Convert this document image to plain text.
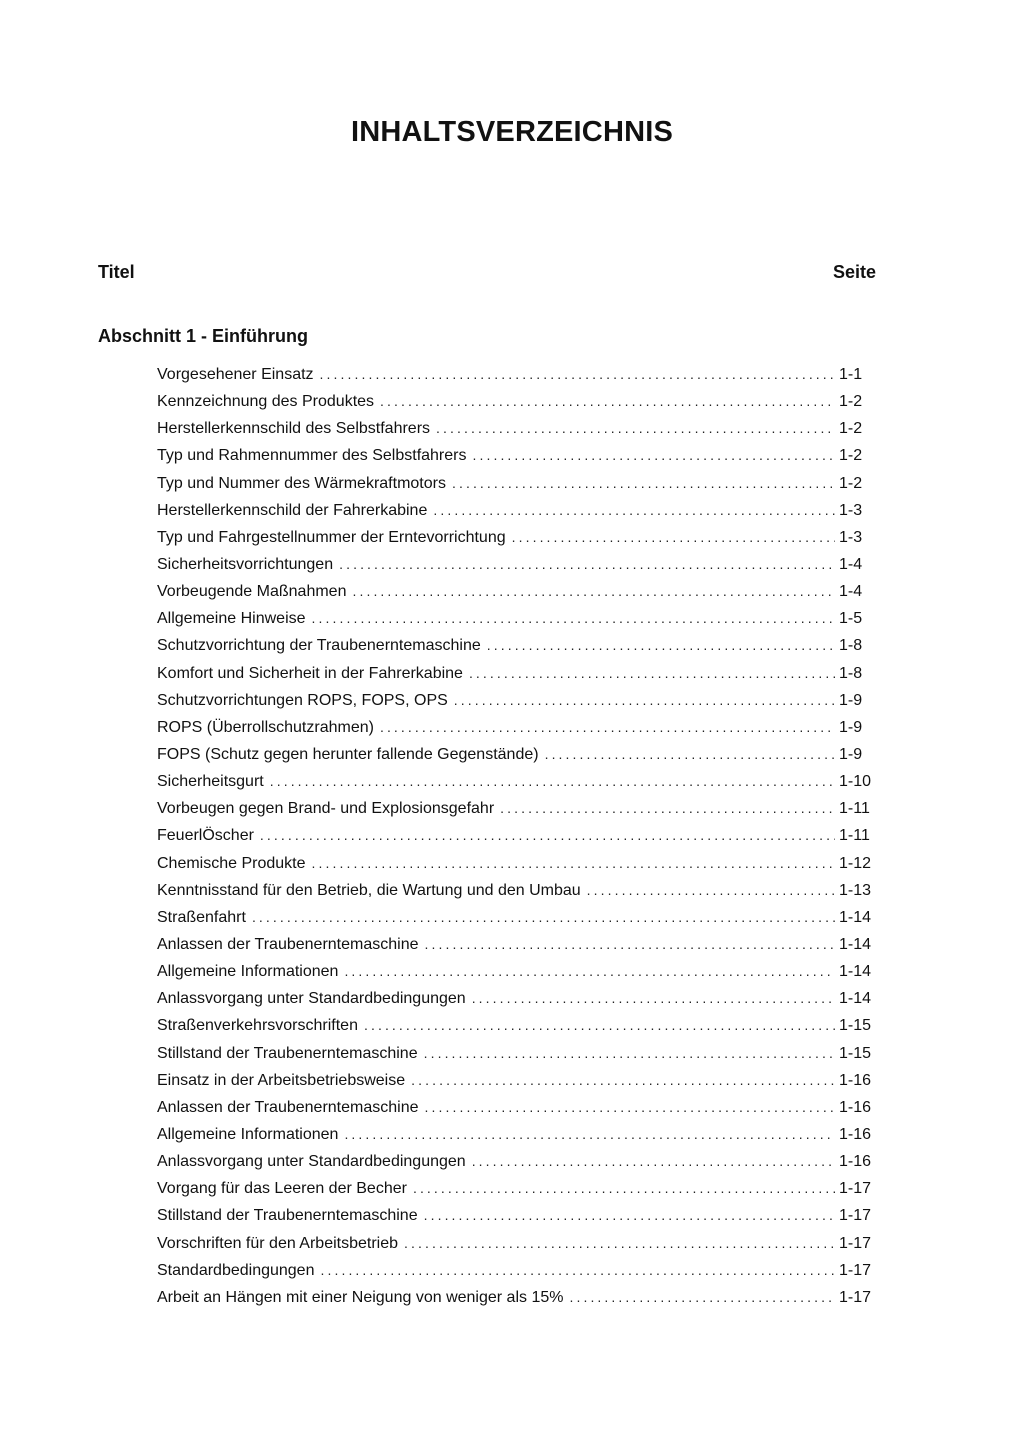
INHALTSVERZEICHNIS
Titel	Seite
Abschnitt 1 - Einführung
Vorgesehener Einsatz .....	1-1
Kennzeichnung des Produktes .....	1-2
Herstellerkennschild des Selbstfahrers .....	1-2
Typ und Rahmennummer des Selbstfahrers .....	1-2
Typ und Nummer des Wärmekraftmotors .....	1-2
Herstellerkennschild der Fahrerkabine .....	1-3
Typ und Fahrgestellnummer der Erntevorrichtung .....	1-3
Sicherheitsvorrichtungen .....	1-4
Vorbeugende Maßnahmen .....	1-4
Allgemeine Hinweise .....	1-5
Schutzvorrichtung der Traubenerntemaschine .....	1-8
Komfort und Sicherheit in der Fahrerkabine .....	1-8
Schutzvorrichtungen ROPS, FOPS, OPS .....	1-9
ROPS (Überrollschutzrahmen) .....	1-9
FOPS (Schutz gegen herunter fallende Gegenstände) .....	1-9
Sicherheitsgurt .....	1-10
Vorbeugen gegen Brand- und Explosionsgefahr .....	1-11
FeuerlÖscher .....	1-11
Chemische Produkte .....	1-12
Kenntnisstand für den Betrieb, die Wartung und den Umbau .....	1-13
Straßenfahrt .....	1-14
Anlassen der Traubenerntemaschine .....	1-14
Allgemeine Informationen .....	1-14
Anlassvorgang unter Standardbedingungen .....	1-14
Straßenverkehrsvorschriften .....	1-15
Stillstand der Traubenerntemaschine .....	1-15
Einsatz in der Arbeitsbetriebsweise .....	1-16
Anlassen der Traubenerntemaschine .....	1-16
Allgemeine Informationen .....	1-16
Anlassvorgang unter Standardbedingungen .....	1-16
Vorgang für das Leeren der Becher .....	1-17
Stillstand der Traubenerntemaschine .....	1-17
Vorschriften für den Arbeitsbetrieb .....	1-17
Standardbedingungen .....	1-17
Arbeit an Hängen mit einer Neigung von weniger als 15% .....	1-17
